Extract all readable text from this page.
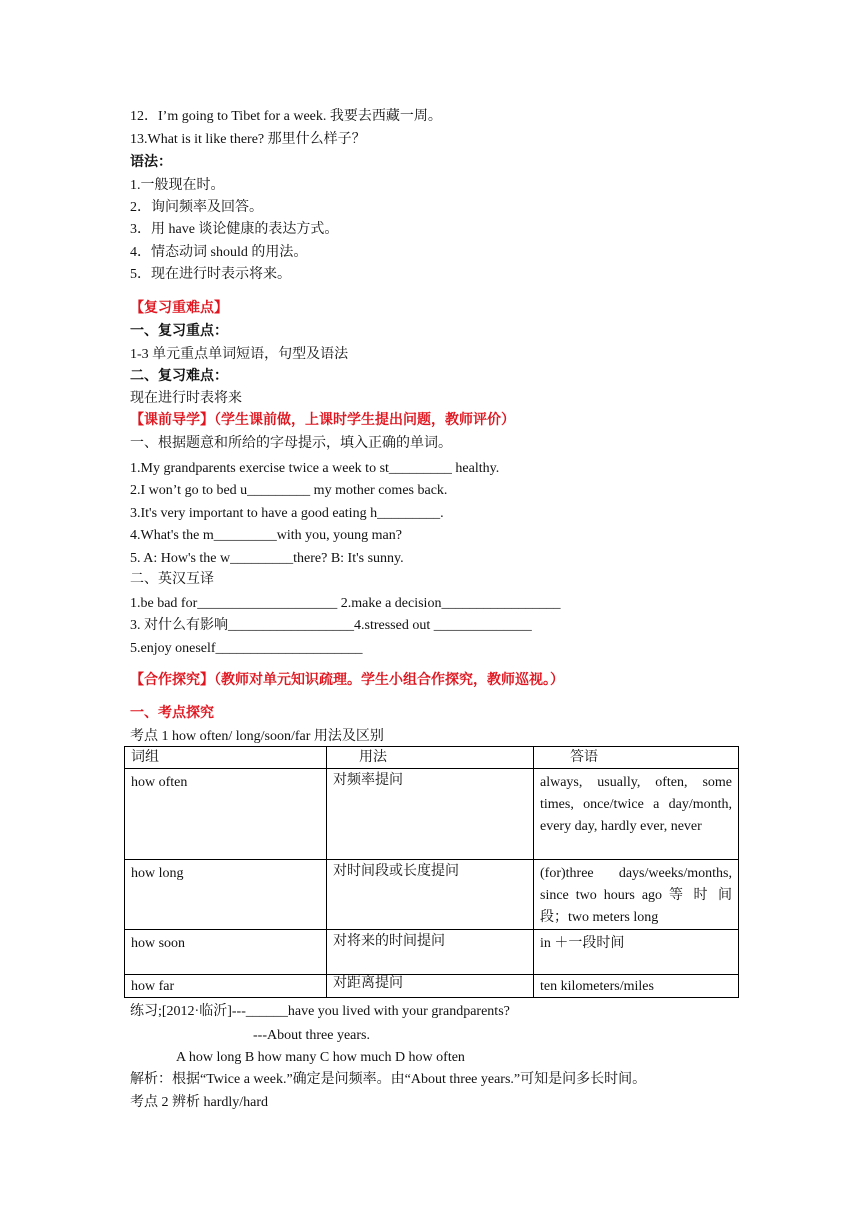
12．I’m going to Tibet for a week. 我要去西藏一周。
13.What is it like there? 那里什么样子？
语法：
1.一般现在时。
2．询问频率及回答。
3．用 have 谈论健康的表达方式。
4．情态动词 should 的用法。
5．现在进行时表示将来。
【复习重难点】
一、复习重点：
1-3 单元重点单词短语，句型及语法
二、复习难点：
现在进行时表将来
【课前导学】（学生课前做，上课时学生提出问题，教师评价）
一、根据题意和所给的字母提示，填入正确的单词。
1.My grandparents exercise twice a week to st_________ healthy.
2.I won’t go to bed u_________ my mother comes back.
3.It's very important to have a good eating h_________.
4.What's the m_________with you, young man?
5. A: How's the w_________there? B: It's sunny.
二、英汉互译
1.be bad for____________________ 2.make a decision_________________
3. 对什么有影响__________________4.stressed out ______________
5.enjoy oneself_____________________
【合作探究】（教师对单元知识疏理。学生小组合作探究，教师巡视。）
一、考点探究
考点 1 how often/ long/soon/far 用法及区别
词组	用法	答语
how often	对频率提问	always, usually, often, some times, once/twice a day/month, every day, hardly ever, never
how long	对时间段或长度提问	(for)three days/weeks/months, since two hours ago 等 时 间 段；two meters long
how soon	对将来的时间提问	in ＋一段时间
how far	对距离提问	ten kilometers/miles
练习;[2012·临沂]---______have you lived with your grandparents?
---About three years.
A how long B how many C how much D how often
解析：根据“Twice a week.”确定是问频率。由“About three years.”可知是问多长时间。
考点 2 辨析 hardly/hard
